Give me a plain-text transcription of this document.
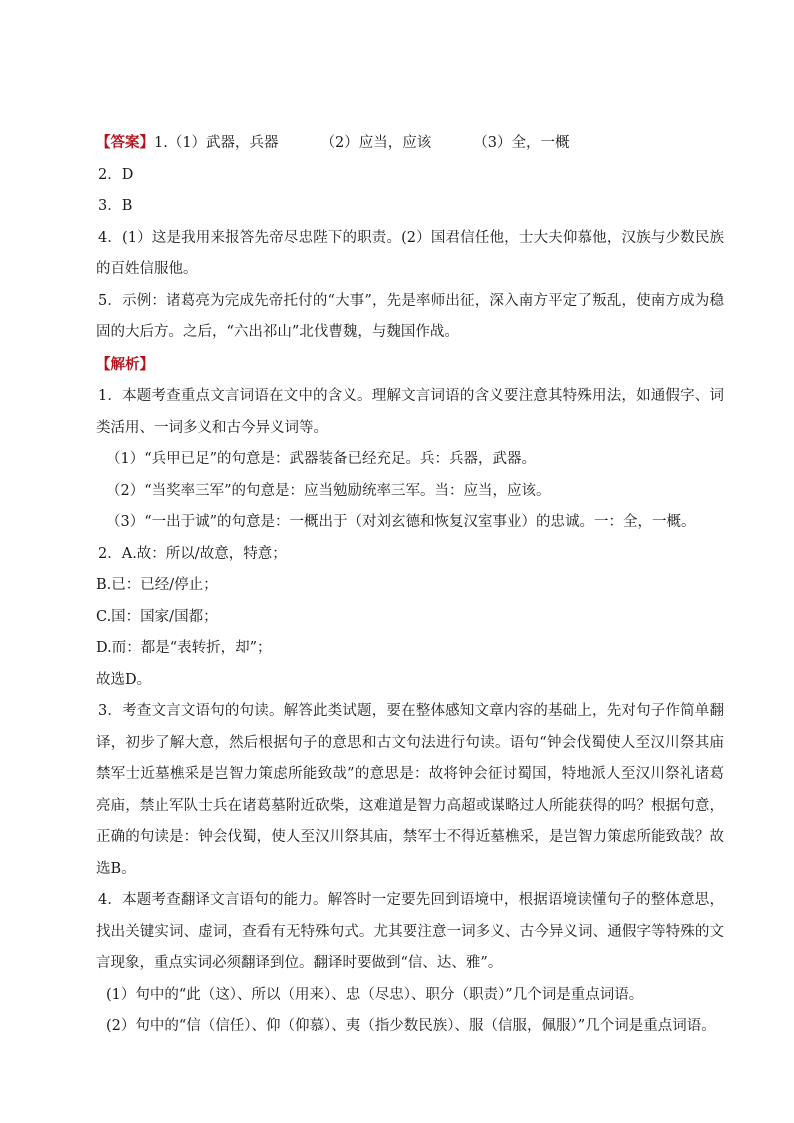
【答案】1.（1）武器，兵器	（2）应当，应该	（3）全，一概

2．D

3．B

4．(1）这是我用来报答先帝尽忠陛下的职责。(2）国君信任他，士大夫仰慕他，汉族与少数民族的百姓信服他。

5．示例：诸葛亮为完成先帝托付的“大事”，先是率师出征，深入南方平定了叛乱，使南方成为稳固的大后方。之后，“六出祁山”北伐曹魏，与魏国作战。

【解析】

1．本题考查重点文言词语在文中的含义。理解文言词语的含义要注意其特殊用法，如通假字、词类活用、一词多义和古今异义词等。

（1）“兵甲已足”的句意是：武器装备已经充足。兵：兵器，武器。

（2）“当奖率三军”的句意是：应当勉励统率三军。当：应当，应该。

（3）“一出于诚”的句意是：一概出于（对刘玄德和恢复汉室事业）的忠诚。一：全，一概。

2．A.故：所以/故意，特意；

B.已：已经/停止；

C.国：国家/国都；

D.而：都是“表转折，却”；

故选D。

3．考查文言文语句的句读。解答此类试题，要在整体感知文章内容的基础上，先对句子作简单翻译，初步了解大意，然后根据句子的意思和古文句法进行句读。语句“钟会伐蜀使人至汉川祭其庙禁军士近墓樵采是岂智力策虑所能致哉”的意思是：故将钟会征讨蜀国，特地派人至汉川祭礼诸葛亮庙，禁止军队士兵在诸葛墓附近砍柴，这难道是智力高超或谋略过人所能获得的吗？根据句意，正确的句读是：钟会伐蜀，使人至汉川祭其庙，禁军士不得近墓樵采，是岂智力策虑所能致哉？故选B。

4．本题考查翻译文言语句的能力。解答时一定要先回到语境中，根据语境读懂句子的整体意思，找出关键实词、虚词，查看有无特殊句式。尤其要注意一词多义、古今异义词、通假字等特殊的文言现象，重点实词必须翻译到位。翻译时要做到“信、达、雅”。

(1）句中的“此（这）、所以（用来）、忠（尽忠）、职分（职责）”几个词是重点词语。

(2）句中的“信（信任）、仰（仰慕）、夷（指少数民族）、服（信服，佩服）”几个词是重点词语。
